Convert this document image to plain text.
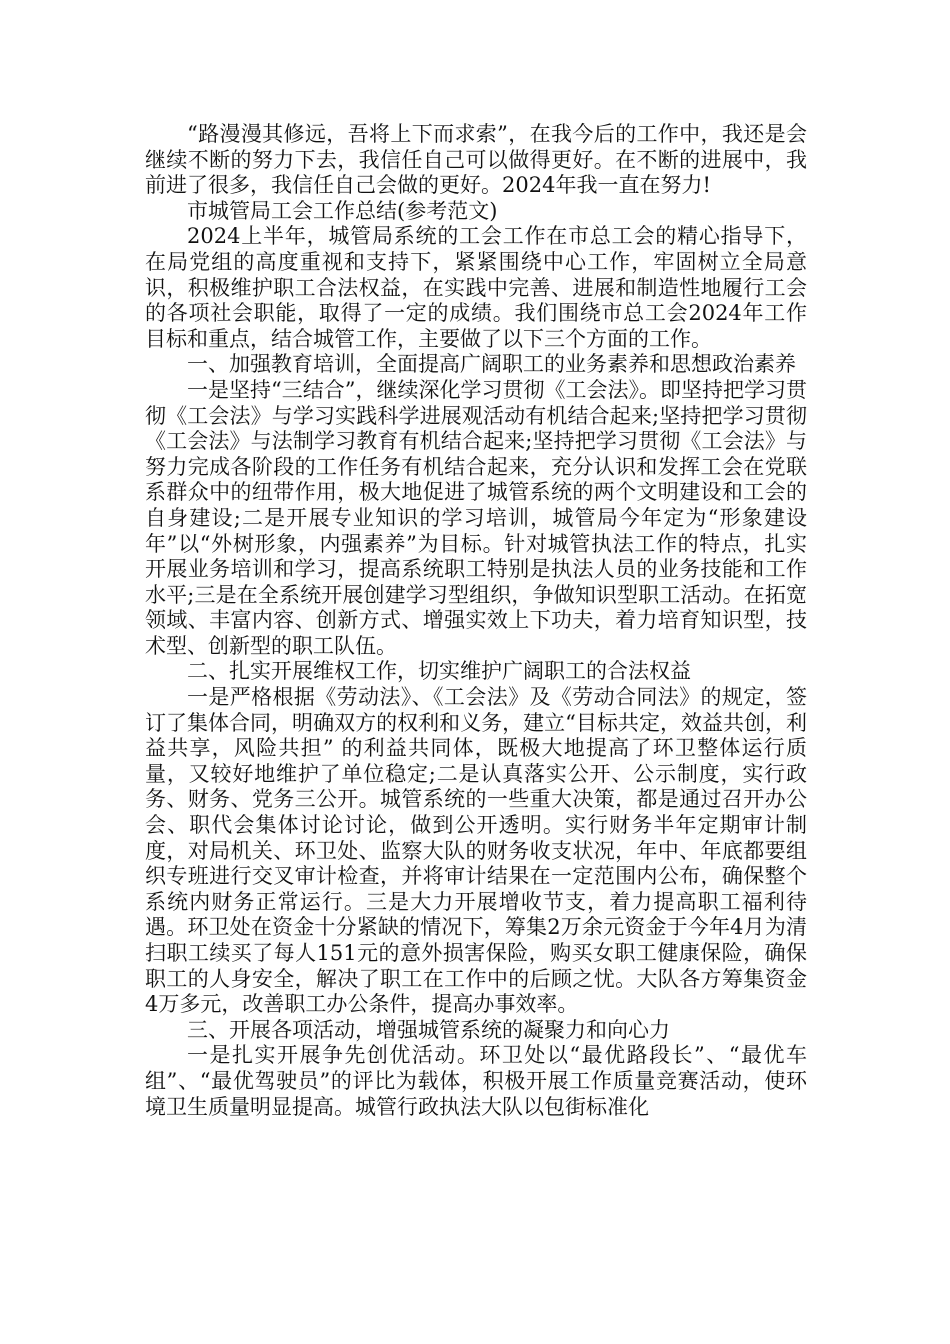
“路漫漫其修远，吾将上下而求索”，在我今后的工作中，我还是会继续不断的努力下去，我信任自己可以做得更好。在不断的进展中，我前进了很多，我信任自己会做的更好。2024年我一直在努力!

市城管局工会工作总结(参考范文)

2024上半年，城管局系统的工会工作在市总工会的精心指导下，在局党组的高度重视和支持下，紧紧围绕中心工作，牢固树立全局意识，积极维护职工合法权益，在实践中完善、进展和制造性地履行工会的各项社会职能，取得了一定的成绩。我们围绕市总工会2024年工作目标和重点，结合城管工作，主要做了以下三个方面的工作。

一、加强教育培训，全面提高广阔职工的业务素养和思想政治素养

一是坚持“三结合”，继续深化学习贯彻《工会法》。即坚持把学习贯彻《工会法》与学习实践科学进展观活动有机结合起来;坚持把学习贯彻《工会法》与法制学习教育有机结合起来;坚持把学习贯彻《工会法》与努力完成各阶段的工作任务有机结合起来，充分认识和发挥工会在党联系群众中的纽带作用，极大地促进了城管系统的两个文明建设和工会的自身建设;二是开展专业知识的学习培训，城管局今年定为“形象建设年”以“外树形象，内强素养”为目标。针对城管执法工作的特点，扎实开展业务培训和学习，提高系统职工特别是执法人员的业务技能和工作水平;三是在全系统开展创建学习型组织，争做知识型职工活动。在拓宽领域、丰富内容、创新方式、增强实效上下功夫，着力培育知识型，技术型、创新型的职工队伍。

二、扎实开展维权工作，切实维护广阔职工的合法权益

一是严格根据《劳动法》、《工会法》及《劳动合同法》的规定，签订了集体合同，明确双方的权利和义务，建立“目标共定，效益共创，利益共享，风险共担” 的利益共同体，既极大地提高了环卫整体运行质量，又较好地维护了单位稳定;二是认真落实公开、公示制度，实行政务、财务、党务三公开。城管系统的一些重大决策，都是通过召开办公会、职代会集体讨论讨论，做到公开透明。实行财务半年定期审计制度，对局机关、环卫处、监察大队的财务收支状况，年中、年底都要组织专班进行交叉审计检查，并将审计结果在一定范围内公布，确保整个系统内财务正常运行。三是大力开展增收节支，着力提高职工福利待遇。环卫处在资金十分紧缺的情况下，筹集2万余元资金于今年4月为清扫职工续买了每人151元的意外损害保险，购买女职工健康保险，确保职工的人身安全，解决了职工在工作中的后顾之忧。大队各方筹集资金4万多元，改善职工办公条件，提高办事效率。

三、开展各项活动，增强城管系统的凝聚力和向心力

一是扎实开展争先创优活动。环卫处以“最优路段长”、“最优车组”、“最优驾驶员”的评比为载体，积极开展工作质量竞赛活动，使环境卫生质量明显提高。城管行政执法大队以包街标准化
